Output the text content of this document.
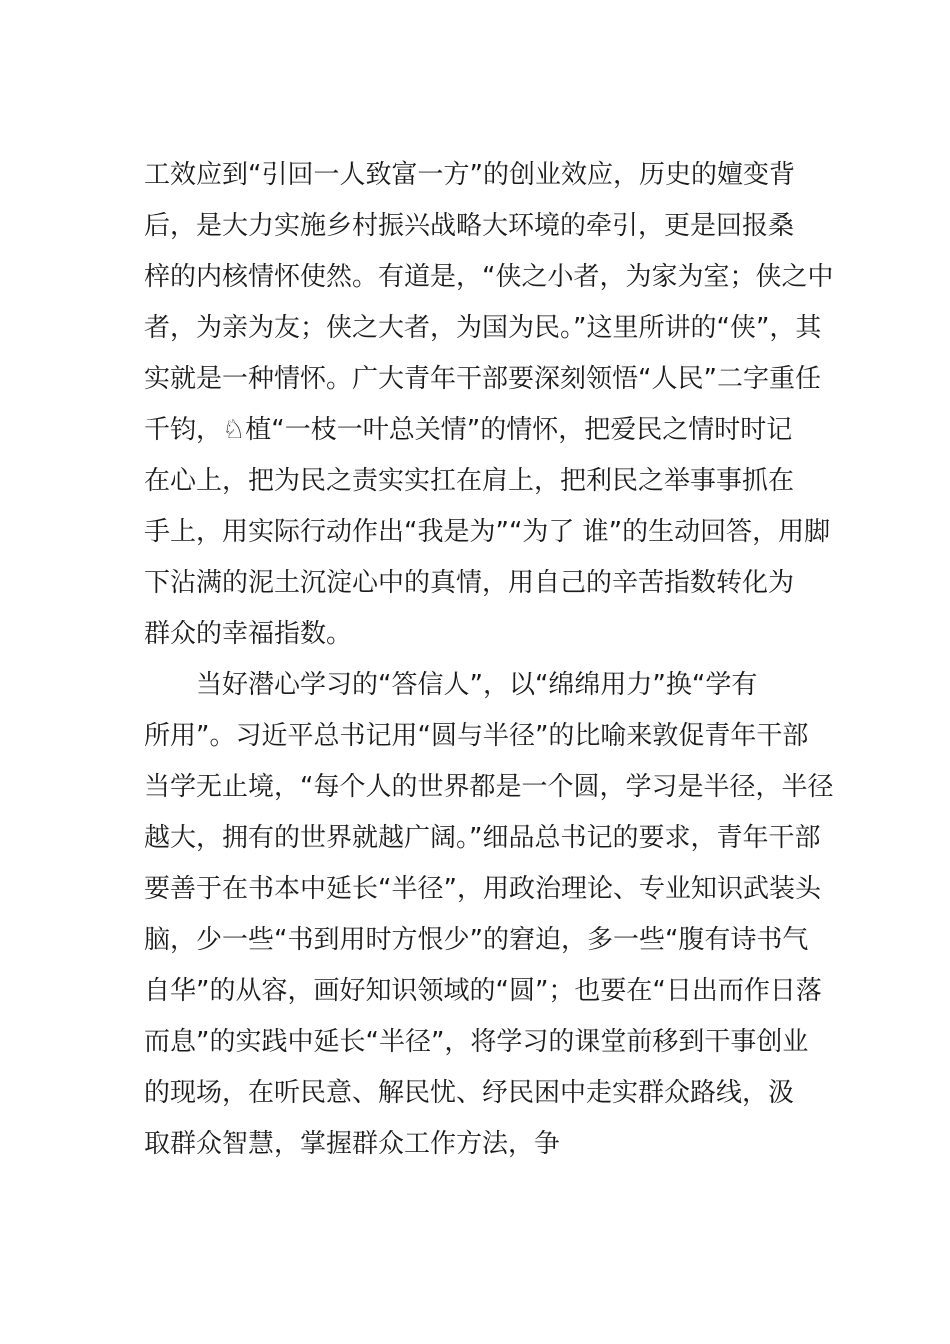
工效应到“引回一人致富一方”的创业效应，历史的嬗变背
后，是大力实施乡村振兴战略大环境的牵引，更是回报桑
梓的内核情怀使然。有道是，“侠之小者，为家为室；侠之中
者，为亲为友；侠之大者，为国为民。”这里所讲的“侠”，其
实就是一种情怀。广大青年干部要深刻领悟“人民”二字重任
千钧，♘植“一枝一叶总关情”的情怀，把爱民之情时时记
在心上，把为民之责实实扛在肩上，把利民之举事事抓在
手上，用实际行动作出“我是为”“为了 谁”的生动回答，用脚
下沾满的泥土沉淀心中的真情，用自己的辛苦指数转化为
群众的幸福指数。
　　当好潜心学习的“答信人”，以“绵绵用力”换“学有
所用”。习近平总书记用“圆与半径”的比喻来敦促青年干部
当学无止境，“每个人的世界都是一个圆，学习是半径，半径
越大，拥有的世界就越广阔。”细品总书记的要求，青年干部
要善于在书本中延长“半径”，用政治理论、专业知识武装头
脑，少一些“书到用时方恨少”的窘迫，多一些“腹有诗书气
自华”的从容，画好知识领域的“圆”；也要在“日出而作日落
而息”的实践中延长“半径”，将学习的课堂前移到干事创业
的现场，在听民意、解民忧、纾民困中走实群众路线，汲
取群众智慧，掌握群众工作方法，争
